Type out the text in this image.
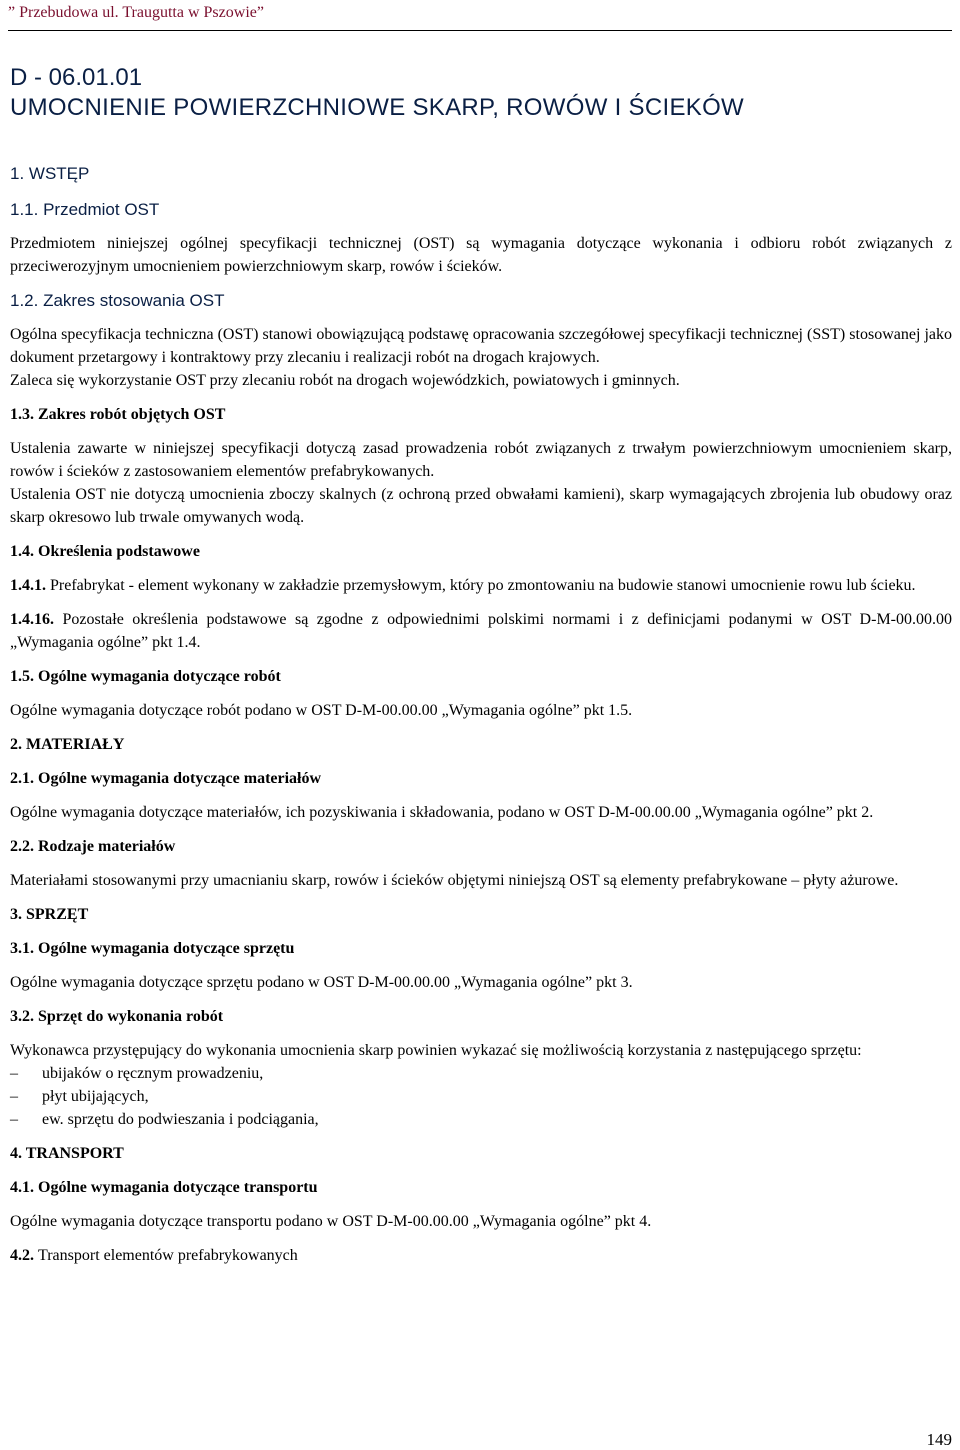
” Przebudowa ul. Traugutta w Pszowie”
D - 06.01.01
UMOCNIENIE POWIERZCHNIOWE SKARP, ROWÓW I ŚCIEKÓW
1. WSTĘP
1.1. Przedmiot OST

Przedmiotem niniejszej ogólnej specyfikacji technicznej (OST) są wymagania dotyczące wykonania i odbioru robót związanych z przeciwerozyjnym umocnieniem powierzchniowym skarp, rowów i ścieków.

1.2. Zakres stosowania OST

Ogólna specyfikacja techniczna (OST) stanowi obowiązującą podstawę opracowania szczegółowej specyfikacji technicznej (SST) stosowanej jako dokument przetargowy i kontraktowy przy zlecaniu i realizacji robót na drogach krajowych.

Zaleca się wykorzystanie OST przy zlecaniu robót na drogach wojewódzkich, powiatowych i gminnych.

1.3. Zakres robót objętych OST

Ustalenia zawarte w niniejszej specyfikacji dotyczą zasad prowadzenia robót związanych z trwałym powierzchniowym umocnieniem skarp, rowów i ścieków z zastosowaniem elementów prefabrykowanych.

Ustalenia OST nie dotyczą umocnienia zboczy skalnych (z ochroną przed obwałami kamieni), skarp wymagających zbrojenia lub obudowy oraz skarp okresowo lub trwale omywanych wodą.

1.4. Określenia podstawowe

1.4.1. Prefabrykat - element wykonany w zakładzie przemysłowym, który po zmontowaniu na budowie stanowi umocnienie rowu lub ścieku.

1.4.16. Pozostałe określenia podstawowe są zgodne z odpowiednimi polskimi normami i z definicjami podanymi w OST D-M-00.00.00 „Wymagania ogólne” pkt 1.4.

1.5. Ogólne wymagania dotyczące robót

Ogólne wymagania dotyczące robót podano w OST D-M-00.00.00 „Wymagania ogólne” pkt 1.5.

2. MATERIAŁY
2.1. Ogólne wymagania dotyczące materiałów

Ogólne wymagania dotyczące materiałów, ich pozyskiwania i składowania, podano w OST D-M-00.00.00 „Wymagania ogólne” pkt 2.

2.2. Rodzaje materiałów

Materiałami stosowanymi przy umacnianiu skarp, rowów i ścieków objętymi niniejszą OST są elementy prefabrykowane – płyty ażurowe.

3. SPRZĘT
3.1. Ogólne wymagania dotyczące sprzętu

Ogólne wymagania dotyczące sprzętu podano w OST D-M-00.00.00 „Wymagania ogólne” pkt 3.

3.2. Sprzęt do wykonania robót

Wykonawca przystępujący do wykonania umocnienia skarp powinien wykazać się możliwością korzystania z następującego sprzętu:

– ubijaków o ręcznym prowadzeniu,
– płyt ubijających,
– ew. sprzętu do podwieszania i podciągania,
4. TRANSPORT
4.1. Ogólne wymagania dotyczące transportu

Ogólne wymagania dotyczące transportu podano w OST D-M-00.00.00 „Wymagania ogólne” pkt 4.

4.2. Transport elementów prefabrykowanych
149
